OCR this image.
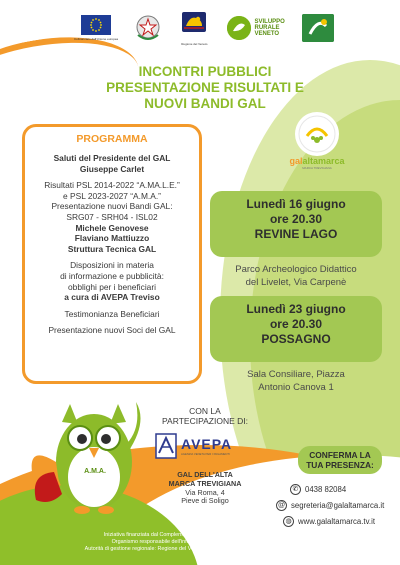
Cofinanziato dall'Unione europea
Regione del Veneto
SVILUPPO
RURALE
VENETO
INCONTRI PUBBLICI
PRESENTAZIONE RISULTATI E
NUOVI BANDI GAL
PROGRAMMA
Saluti del Presidente del GAL
Giuseppe Carlet
Risultati PSL 2014-2022 “A.MA.L.E.”
e PSL 2023-2027 “A.M.A.”
Presentazione nuovi Bandi GAL:
SRG07 - SRH04 - ISL02
Michele Genovese
Flaviano Mattiuzzo
Struttura Tecnica GAL
Disposizioni in materia
di informazione e pubblicità:
obblighi per i beneficiari
a cura di AVEPA Treviso
Testimonianza Beneficiari
Presentazione nuovi Soci del GAL
galaltamarca
MARCA TREVIGIANA
Lunedì 16 giugno
ore 20.30
REVINE LAGO
Parco Archeologico Didattico
del Livelet, Via Carpenè
Lunedì 23 giugno
ore 20.30
POSSAGNO
Sala Consiliare, Piazza
Antonio Canova 1
A.M.A.
CON LA
PARTECIPAZIONE DI:
AVEPA
AGENZIA VENETA PER I PAGAMENTI
GAL DELL'ALTA
MARCA TREVIGIANA
Via Roma, 4
Pieve di Soligo
CONFERMA LA
TUA PRESENZA:
✆ 0438 82084
@ segreteria@galaltamarca.it
◍ www.galaltamarca.tv.it
Iniziativa finanziata dal Complemento di sviluppo Rurale per il Veneto 2023-2027
Organismo responsabile dell'informazione: GAL dell'Alta Marca Trevigiana
Autorità di gestione regionale: Regione del Veneto - Direzione AdG FEASR Bonifica e Irrigazione
